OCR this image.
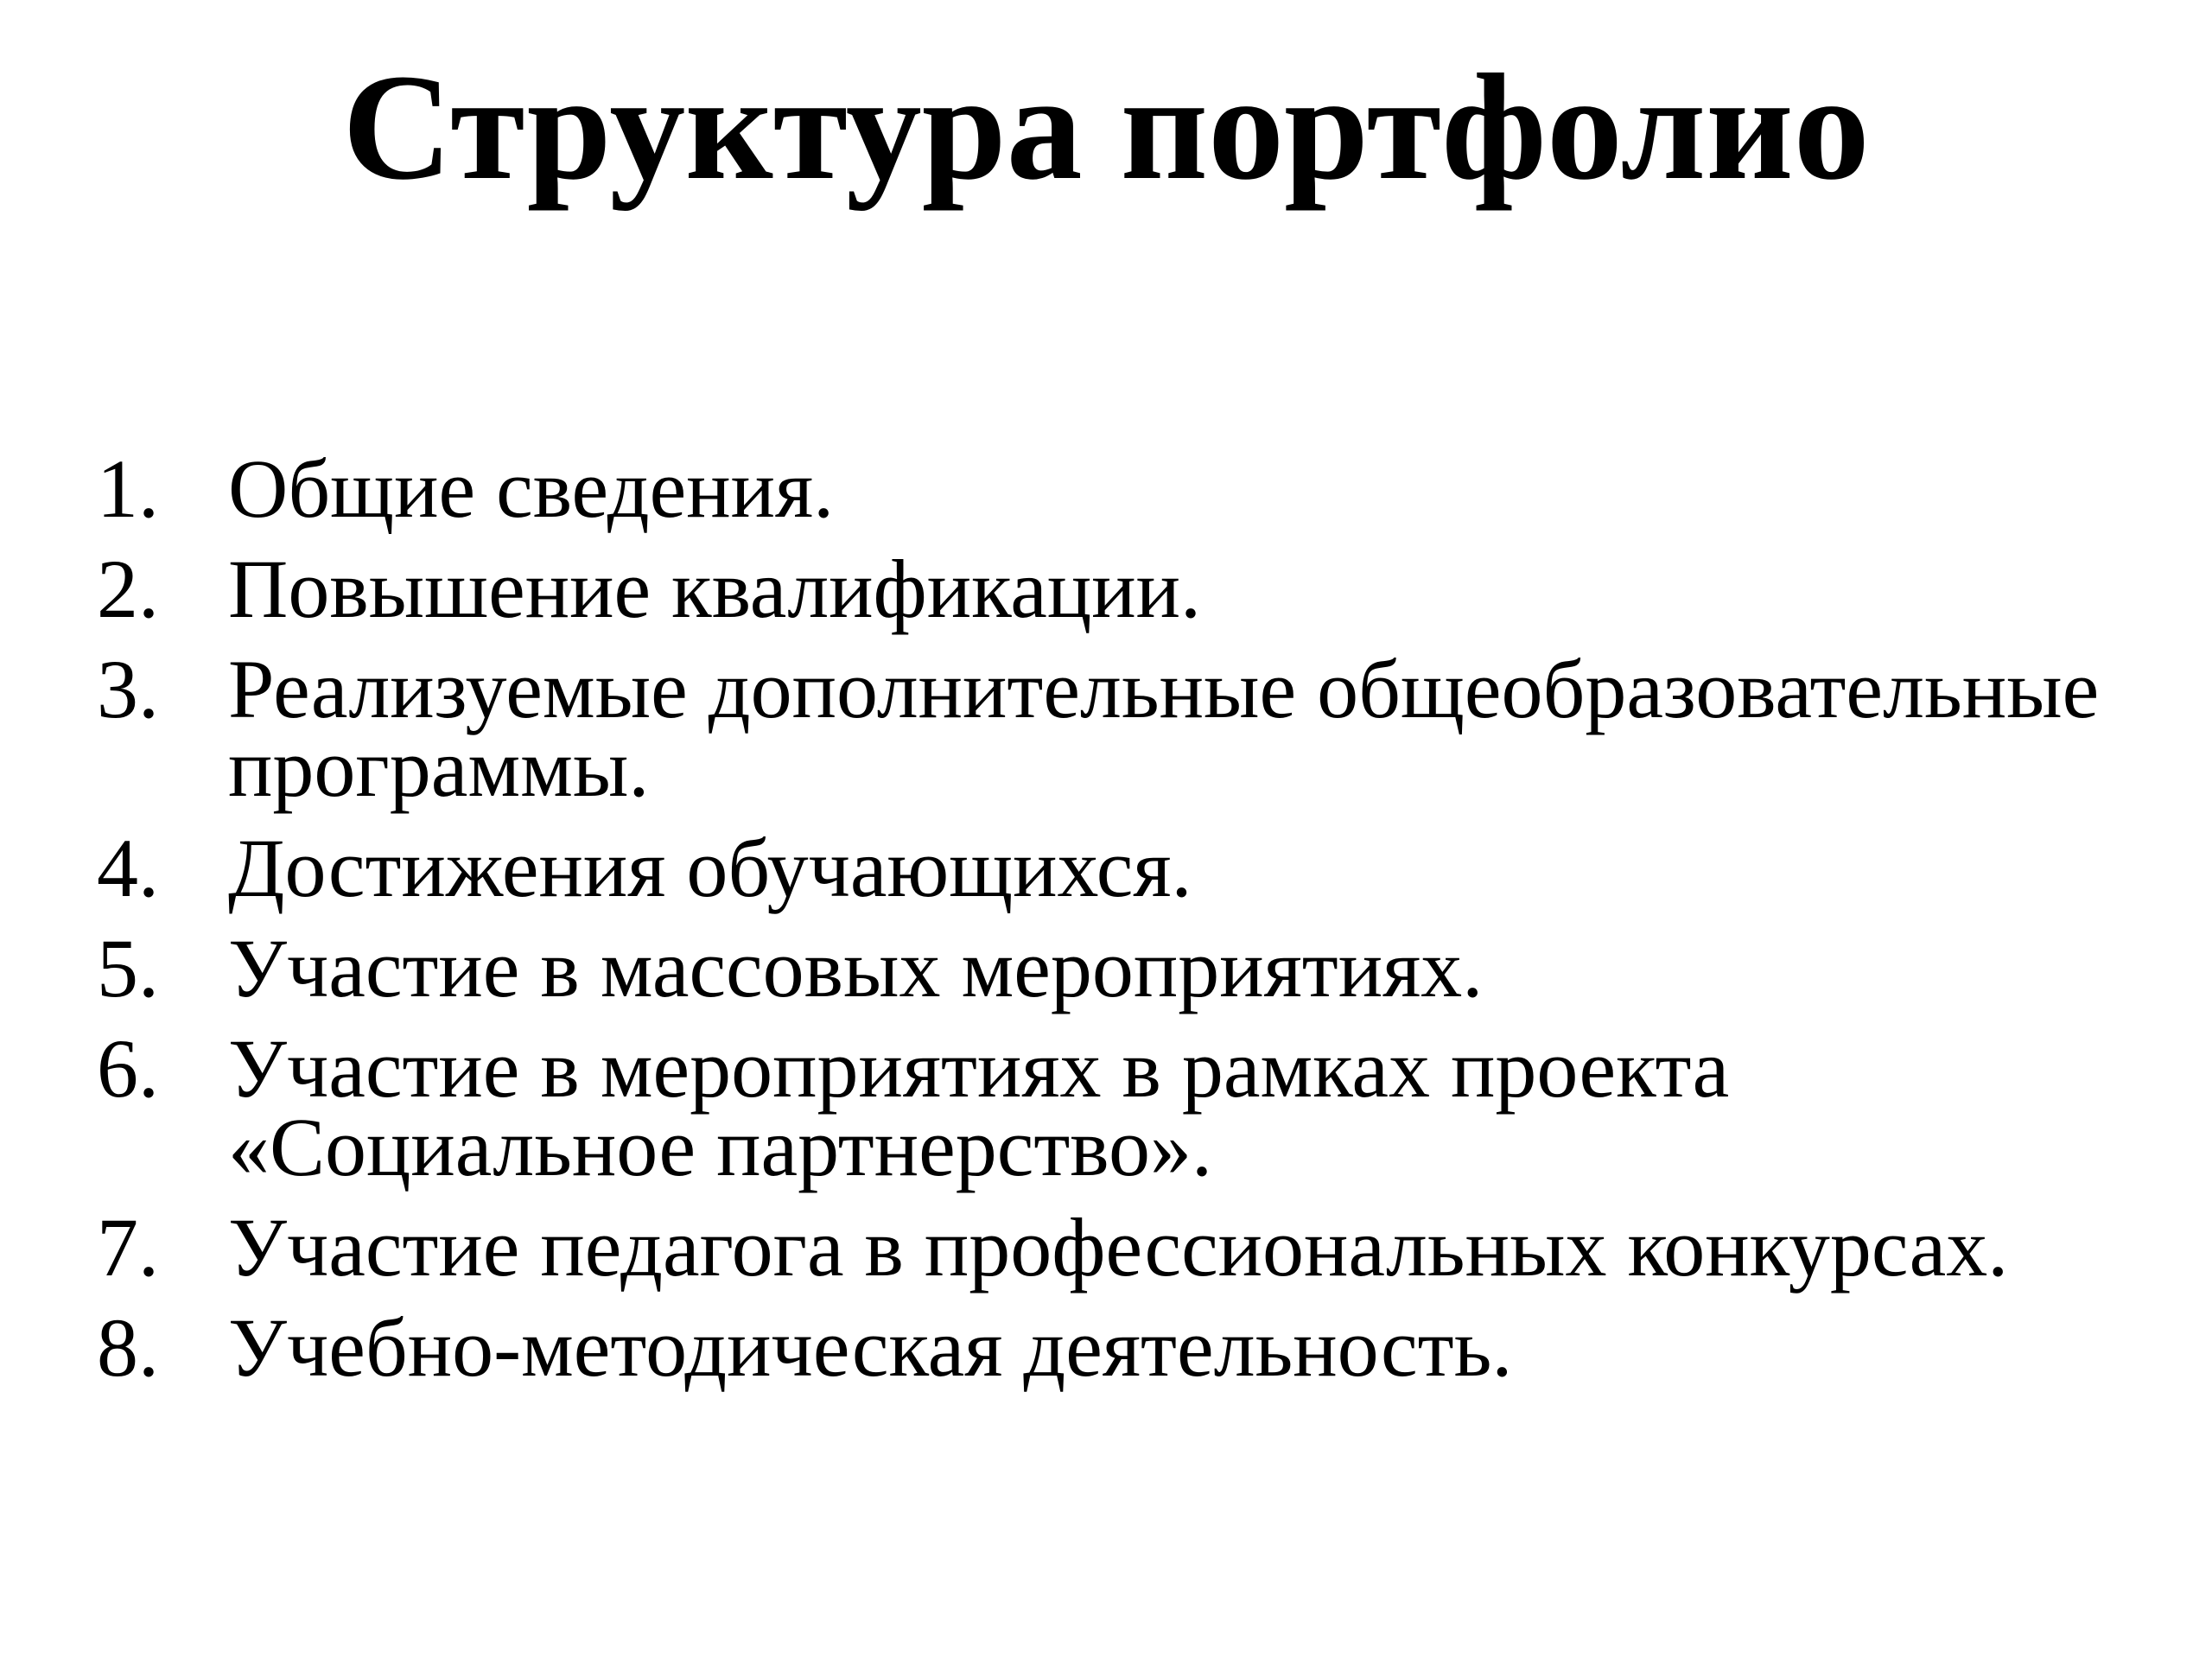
Структура портфолио
1. Общие сведения.
2. Повышение квалификации.
3. Реализуемые дополнительные общеобразовательные программы.
4. Достижения обучающихся.
5. Участие в массовых мероприятиях.
6. Участие в мероприятиях в рамках проекта «Социальное партнерство».
7. Участие педагога в профессиональных конкурсах.
8. Учебно-методическая деятельность.
